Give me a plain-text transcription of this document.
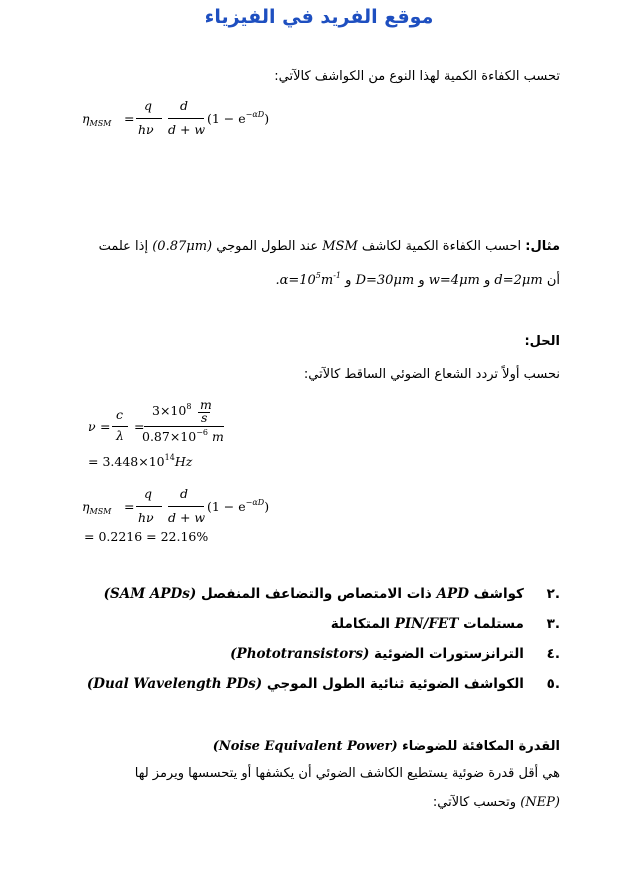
موقع الفريد في الفيزياء
تحسب الكفاءة الكمية لهذا النوع من الكواشف كالآتي:
$\eta_{MSM}$ =
q
hν
d
d + w
$(1 - e^{-\alpha D})$
مثال: احسب الكفاءة الكمية لكاشف MSM عند الطول الموجي (0.87μm) إذا علمت
أن d=2μm و w=4μm و D=30μm و $.\alpha=10^5m^{-1}$
الحل:
نحسب أولاً تردد الشعاع الضوئي الساقط كالآتي:
ν =
c
λ
=
$3\times 10^8$ m
s
$0.87\times 10^{-6}$ m
= $3.448\times 10^{14}Hz$
$\eta_{MSM}$ =
q
hν
d
d + w
$(1 - e^{-\alpha D})$
= 0.2216 = 22.16%
.٢ كواشف APD ذات الامتصاص والتضاعف المنفصل (SAM APDs)
.٣ مستلمات PIN/FET المتكاملة
.٤ الترانزستورات الضوئية (Phototransistors)
.٥ الكواشف الضوئية ثنائية الطول الموجي (Dual Wavelength PDs)
القدرة المكافئة للضوضاء (Noise Equivalent Power)
هي أقل قدرة ضوئية يستطيع الكاشف الضوئي أن يكشفها أو يتحسسها ويرمز لها
(NEP) وتحسب كالآتي:
